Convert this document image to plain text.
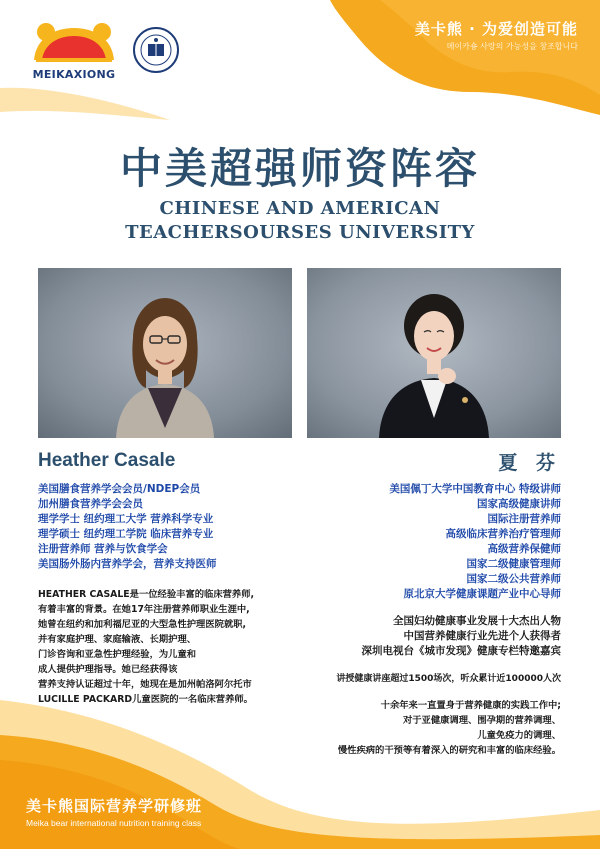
MEIKAXIONG
美卡熊 · 为爱创造可能
메이카숑 사랑의 가능성을 창조합니다
中美超强师资阵容
CHINESE AND AMERICAN
TEACHERSOURSES UNIVERSITY
Heather Casale	夏 芬
美国膳食营养学会会员/NDEP会员
加州膳食营养学会会员
理学学士 纽约理工大学 营养科学专业
理学硕士 纽约理工学院 临床营养专业
注册营养师 营养与饮食学会
美国肠外肠内营养学会，营养支持医师
美国佩丁大学中国教育中心 特级讲师
国家高级健康讲师
国际注册营养师
高级临床营养治疗管理师
高级营养保健师
国家二级健康管理师
国家二级公共营养师
原北京大学健康课题产业中心导师
HEATHER CASALE是一位经验丰富的临床营养师,
有着丰富的背景。在她17年注册营养师职业生涯中,
她曾在纽约和加利福尼亚的大型急性护理医院就职,
并有家庭护理、家庭输液、长期护理、
门诊咨询和亚急性护理经验，为儿童和
成人提供护理指导。她已经获得该
营养支持认证超过十年，她现在是加州帕洛阿尔托市
LUCILLE PACKARD儿童医院的一名临床营养师。
全国妇幼健康事业发展十大杰出人物
中国营养健康行业先进个人获得者
深圳电视台《城市发现》健康专栏特邀嘉宾
讲授健康讲座超过1500场次，听众累计近100000人次
十余年来一直置身于营养健康的实践工作中;
对于亚健康调理、围孕期的营养调理、
儿童免疫力的调理、
慢性疾病的干预等有着深入的研究和丰富的临床经验。
美卡熊国际营养学研修班
Meika bear international nutrition training class
